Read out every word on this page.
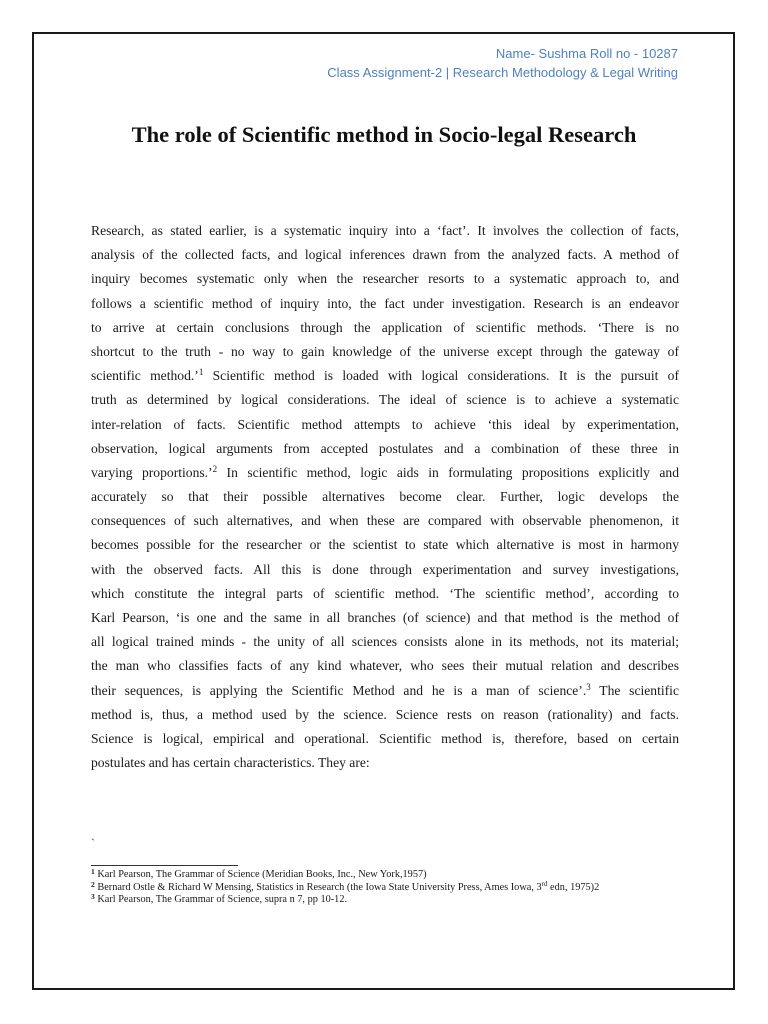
Name- Sushma Roll no - 10287
Class Assignment-2 | Research Methodology & Legal Writing
The role of Scientific method in Socio-legal Research
Research, as stated earlier, is a systematic inquiry into a ‘fact’. It involves the collection of facts,
analysis of the collected facts, and logical inferences drawn from the analyzed facts. A method of
inquiry becomes systematic only when the researcher resorts to a systematic approach to, and
follows a scientific method of inquiry into, the fact under investigation. Research is an endeavor
to arrive at certain conclusions through the application of scientific methods. ‘There is no
shortcut to the truth - no way to gain knowledge of the universe except through the gateway of
scientific method.’$^1$ Scientific method is loaded with logical considerations. It is the pursuit of
truth as determined by logical considerations. The ideal of science is to achieve a systematic
inter-relation of facts. Scientific method attempts to achieve ‘this ideal by experimentation,
observation, logical arguments from accepted postulates and a combination of these three in
varying proportions.’$^2$ In scientific method, logic aids in formulating propositions explicitly and
accurately so that their possible alternatives become clear. Further, logic develops the
consequences of such alternatives, and when these are compared with observable phenomenon, it
becomes possible for the researcher or the scientist to state which alternative is most in harmony
with the observed facts. All this is done through experimentation and survey investigations,
which constitute the integral parts of scientific method. ‘The scientific method’, according to
Karl Pearson, ‘is one and the same in all branches (of science) and that method is the method of
all logical trained minds - the unity of all sciences consists alone in its methods, not its material;
the man who classifies facts of any kind whatever, who sees their mutual relation and describes
their sequences, is applying the Scientific Method and he is a man of science’.$^3$ The scientific
method is, thus, a method used by the science. Science rests on reason (rationality) and facts.
Science is logical, empirical and operational. Scientific method is, therefore, based on certain
postulates and has certain characteristics. They are:
`
$^1$ Karl Pearson, The Grammar of Science (Meridian Books, Inc., New York,1957)
$^2$ Bernard Ostle & Richard W Mensing, Statistics in Research (the Iowa State University Press, Ames Iowa, 3rd edn, 1975)2
$^3$ Karl Pearson, The Grammar of Science, supra n 7, pp 10-12.
